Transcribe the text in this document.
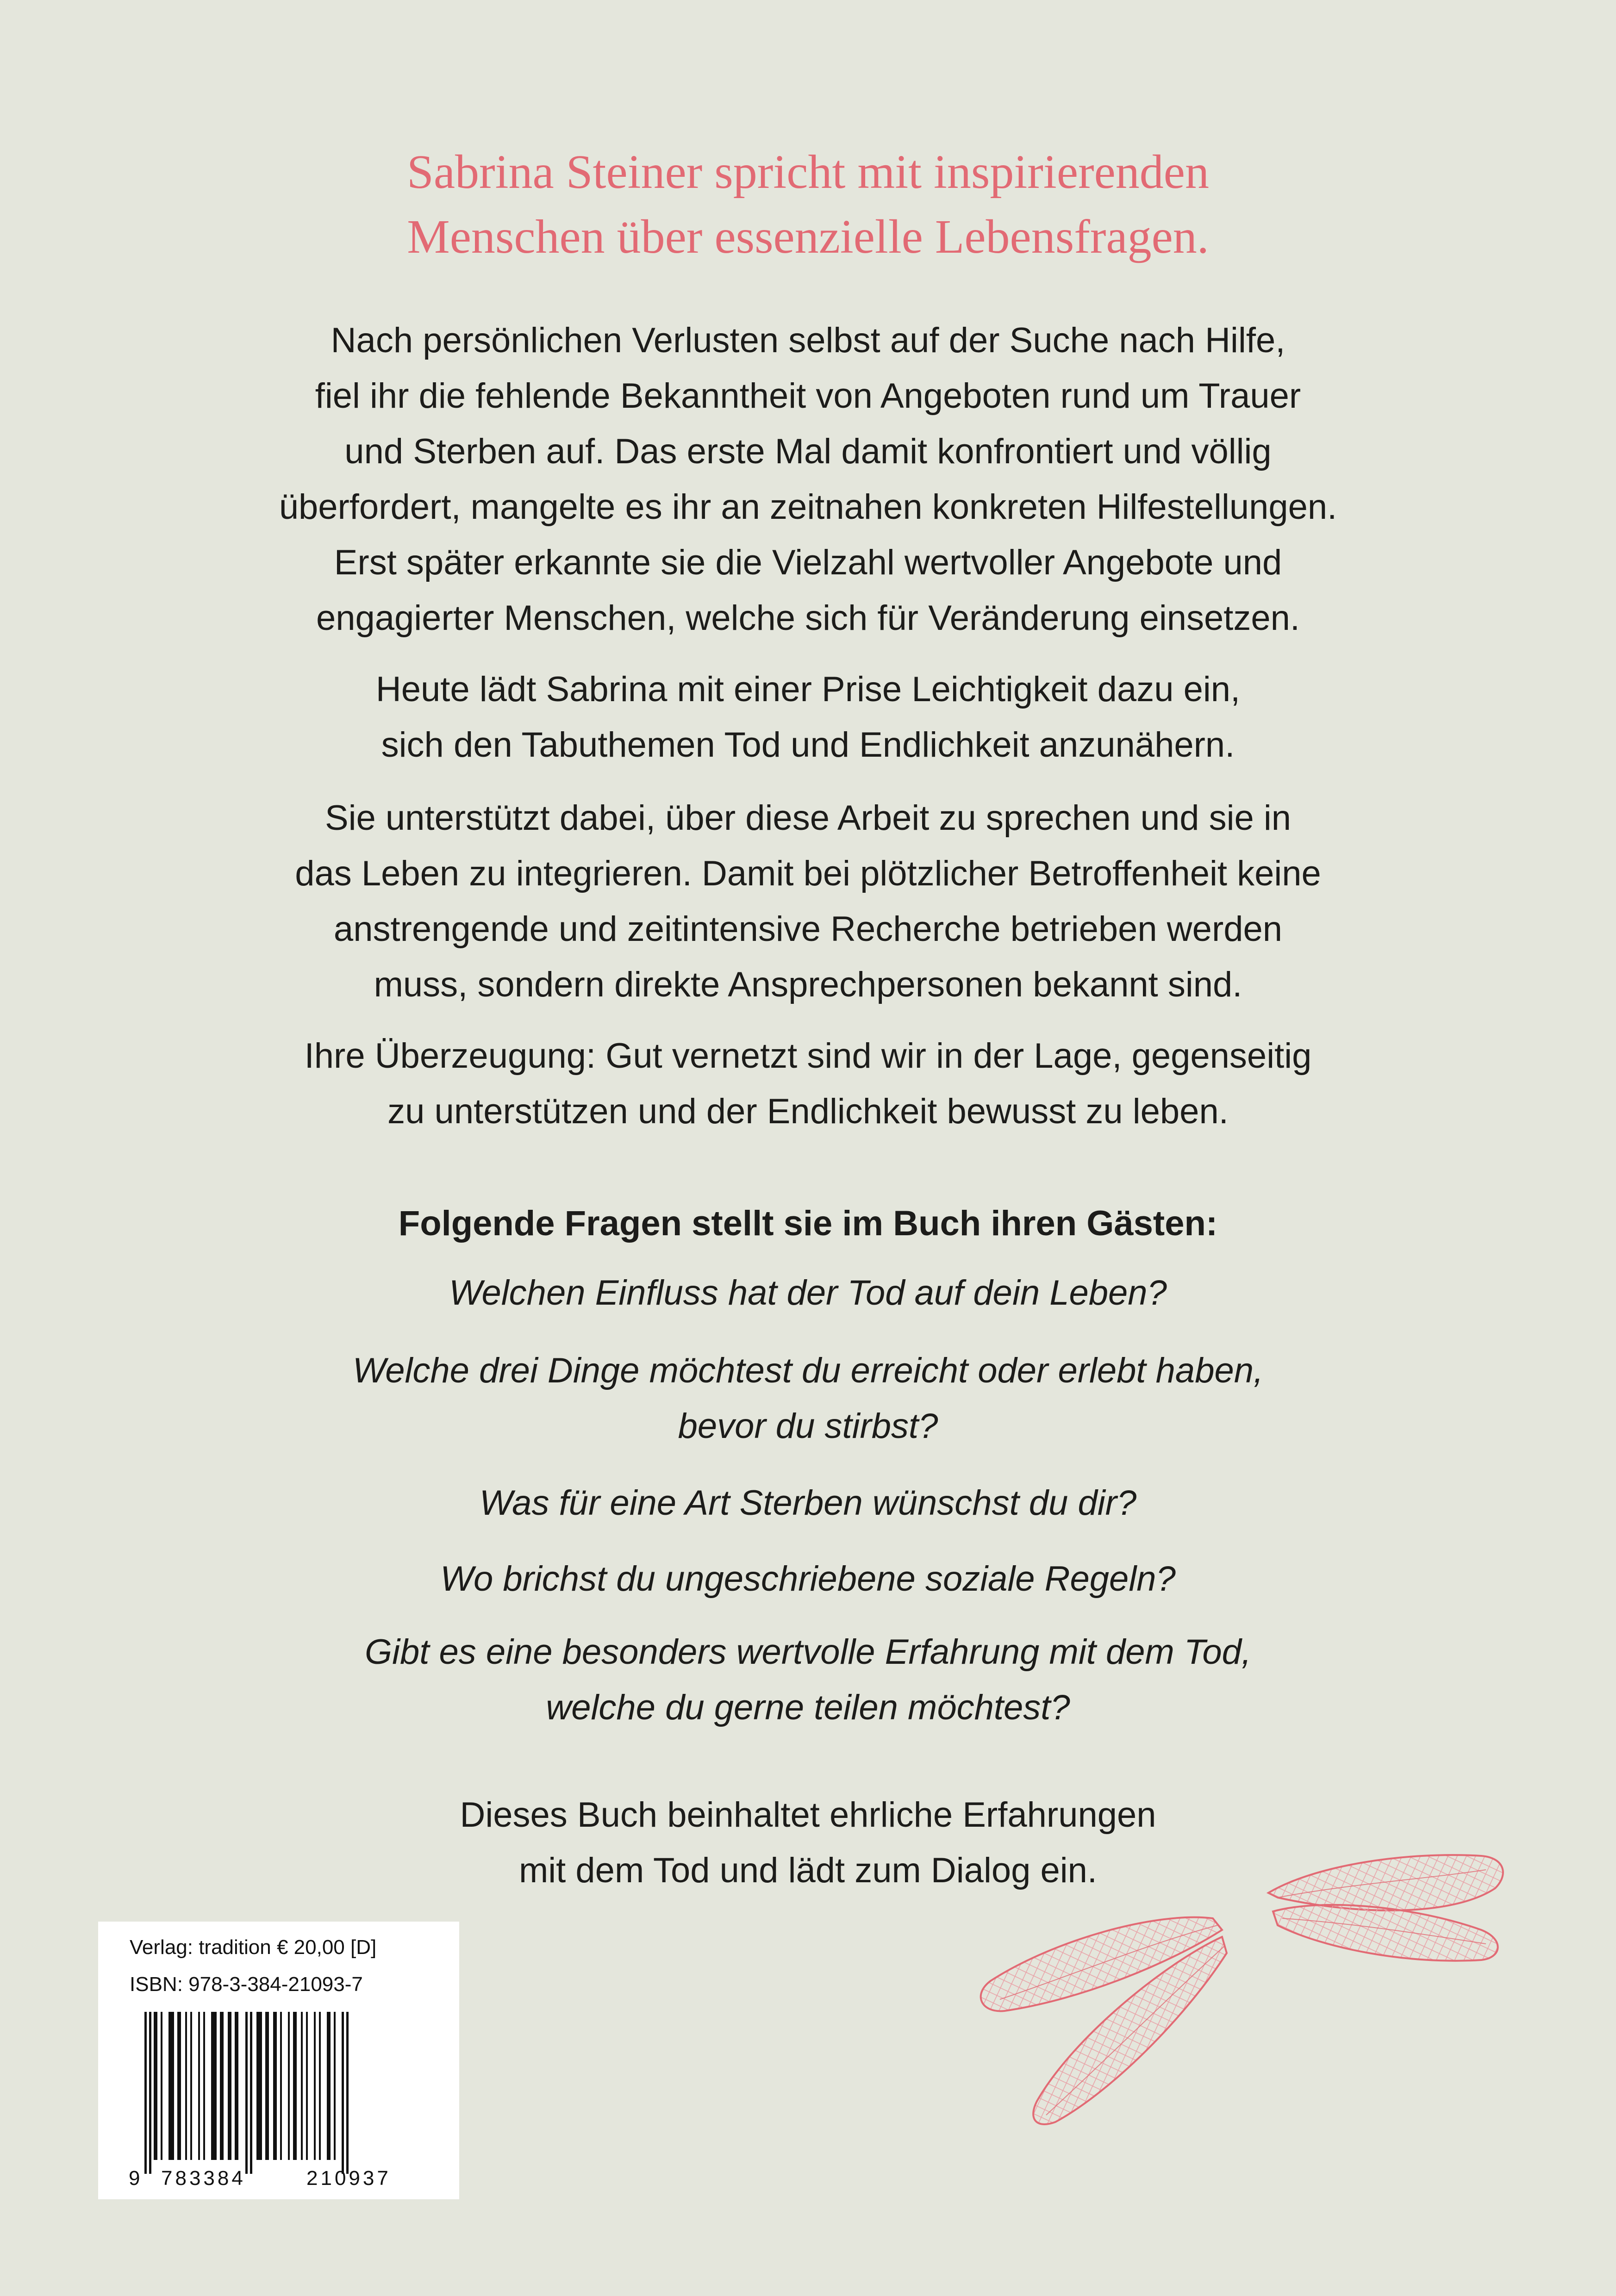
Sabrina Steiner spricht mit inspirierenden
Menschen über essenzielle Lebensfragen.
Nach persönlichen Verlusten selbst auf der Suche nach Hilfe,
fiel ihr die fehlende Bekanntheit von Angeboten rund um Trauer
und Sterben auf. Das erste Mal damit konfrontiert und völlig
überfordert, mangelte es ihr an zeitnahen konkreten Hilfestellungen.
Erst später erkannte sie die Vielzahl wertvoller Angebote und
engagierter Menschen, welche sich für Veränderung einsetzen.
Heute lädt Sabrina mit einer Prise Leichtigkeit dazu ein,
sich den Tabuthemen Tod und Endlichkeit anzunähern.
Sie unterstützt dabei, über diese Arbeit zu sprechen und sie in
das Leben zu integrieren. Damit bei plötzlicher Betroffenheit keine
anstrengende und zeitintensive Recherche betrieben werden
muss, sondern direkte Ansprechpersonen bekannt sind.
Ihre Überzeugung: Gut vernetzt sind wir in der Lage, gegenseitig
zu unterstützen und der Endlichkeit bewusst zu leben.
Folgende Fragen stellt sie im Buch ihren Gästen:
Welchen Einfluss hat der Tod auf dein Leben?
Welche drei Dinge möchtest du erreicht oder erlebt haben,
bevor du stirbst?
Was für eine Art Sterben wünschst du dir?
Wo brichst du ungeschriebene soziale Regeln?
Gibt es eine besonders wertvolle Erfahrung mit dem Tod,
welche du gerne teilen möchtest?
Dieses Buch beinhaltet ehrliche Erfahrungen
mit dem Tod und lädt zum Dialog ein.
Verlag: tradition € 20,00 [D]
ISBN: 978-3-384-21093-7
9 783384	210937
